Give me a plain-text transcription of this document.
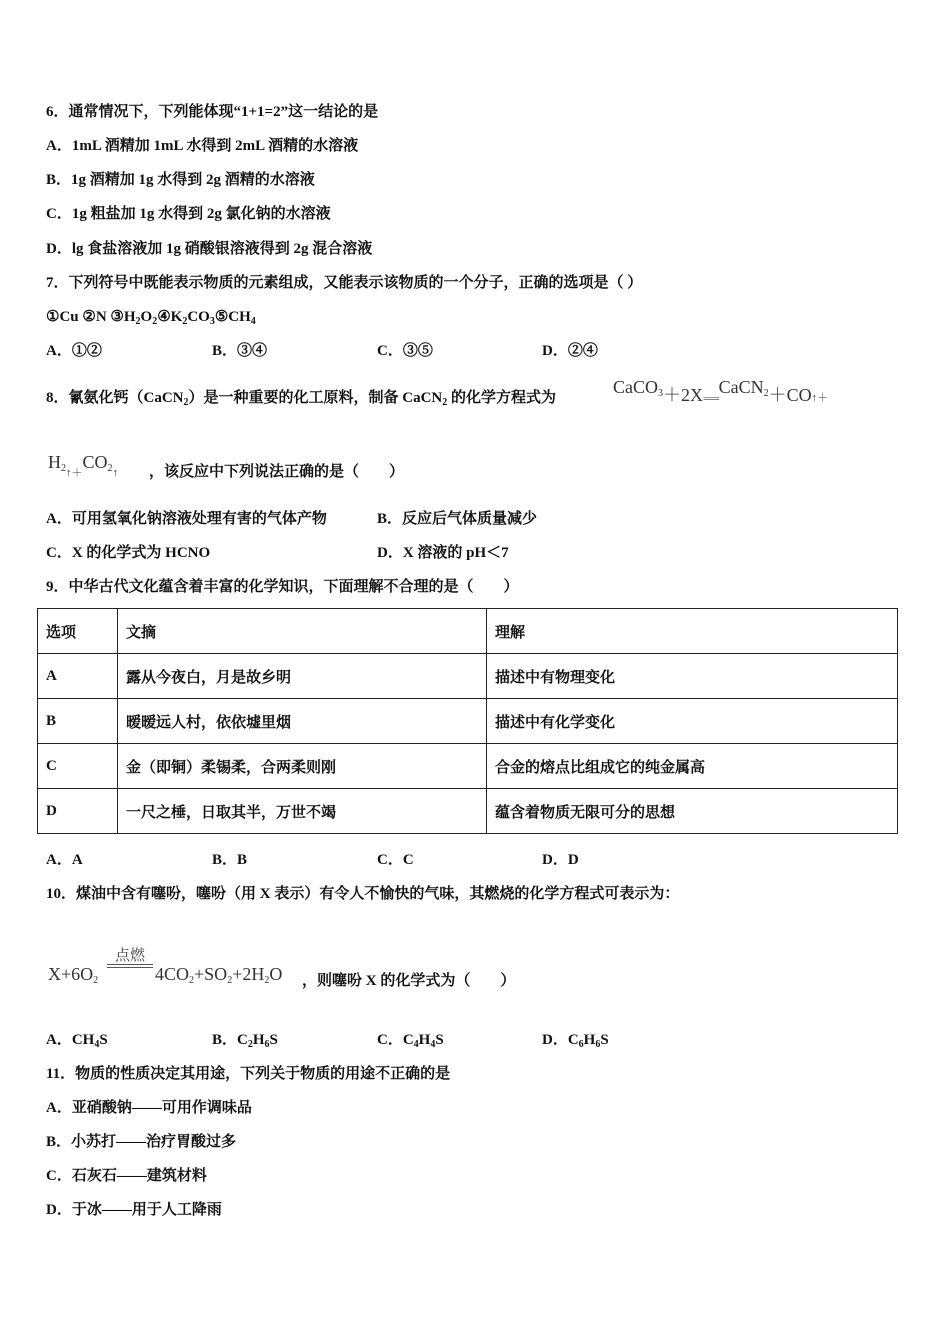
6．通常情况下，下列能体现“1+1=2”这一结论的是
A．1mL 酒精加 1mL 水得到 2mL 酒精的水溶液
B．1g 酒精加 1g 水得到 2g 酒精的水溶液
C．1g 粗盐加 1g 水得到 2g 氯化钠的水溶液
D．lg 食盐溶液加 1g 硝酸银溶液得到 2g 混合溶液
7．下列符号中既能表示物质的元素组成，又能表示该物质的一个分子，正确的选项是（ ）
①Cu ②N $③H_2O_2④K_2CO_3⑤CH_4$
A．①②	B．③④	C．③⑤	D．②④
8．氰氨化钙（CaCN$_2$）是一种重要的化工原料，制备 CaCN$_2$ 的化学方程式为
$CaCO_3+2X_{===}CaCN_2+CO_{↑+}$
$H_{2↑+}CO_{2↑}$ ，该反应中下列说法正确的是（　　）
A．可用氢氧化钠溶液处理有害的气体产物	B．反应后气体质量减少
C．X 的化学式为 HCNO	D．X 溶液的 pH＜7
9．中华古代文化蕴含着丰富的化学知识，下面理解不合理的是（　　）
选项	文摘	理解
A	露从今夜白，月是故乡明	描述中有物理变化
B	暧暧远人村，依依墟里烟	描述中有化学变化
C	金（即铜）柔锡柔，合两柔则刚	合金的熔点比组成它的纯金属高
D	一尺之棰，日取其半，万世不竭	蕴含着物质无限可分的思想
A．A	B．B	C．C	D．D
10．煤油中含有噻吩，噻吩（用 X 表示）有令人不愉快的气味，其燃烧的化学方程式可表示为：
$X+6O_2$
点燃
$4CO_2+SO_2+2H_2O$ ，则噻吩 X 的化学式为（　　）
A．$CH_4S$	B．$C_2H_6S$	C．$C_4H_4S$	D．$C_6H_6S$
11．物质的性质决定其用途，下列关于物质的用途不正确的是
A．亚硝酸钠——可用作调味品
B．小苏打——治疗胃酸过多
C．石灰石——建筑材料
D．于冰——用于人工降雨
